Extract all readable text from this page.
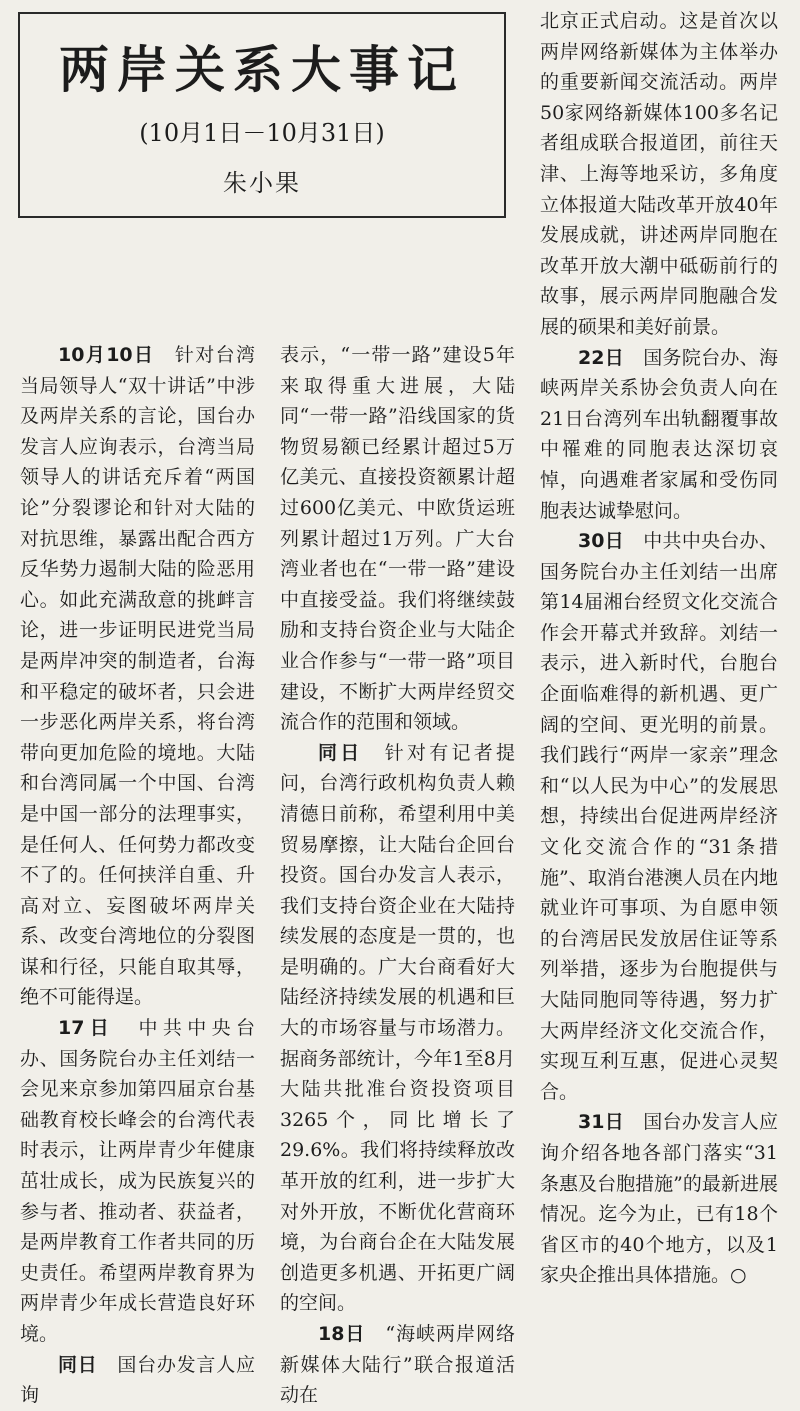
两岸关系大事记
(10月1日－10月31日)
朱小果

10月10日　 针对台湾当局领导人“双十讲话”中涉及两岸关系的言论，国台办发言人应询表示，台湾当局领导人的讲话充斥着“两国论”分裂谬论和针对大陆的对抗思维，暴露出配合西方反华势力遏制大陆的险恶用心。如此充满敌意的挑衅言论，进一步证明民进党当局是两岸冲突的制造者，台海和平稳定的破坏者，只会进一步恶化两岸关系，将台湾带向更加危险的境地。大陆和台湾同属一个中国、台湾是中国一部分的法理事实，是任何人、任何势力都改变不了的。任何挟洋自重、升高对立、妄图破坏两岸关系、改变台湾地位的分裂图谋和行径，只能自取其辱，绝不可能得逞。

17日　 中共中央台办、国务院台办主任刘结一会见来京参加第四届京台基础教育校长峰会的台湾代表时表示，让两岸青少年健康茁壮成长，成为民族复兴的参与者、推动者、获益者，是两岸教育工作者共同的历史责任。希望两岸教育界为两岸青少年成长营造良好环境。

同日　 国台办发言人应询

表示，“一带一路”建设5年来取得重大进展，大陆同“一带一路”沿线国家的货物贸易额已经累计超过5万亿美元、直接投资额累计超过600亿美元、中欧货运班列累计超过1万列。广大台湾业者也在“一带一路”建设中直接受益。我们将继续鼓励和支持台资企业与大陆企业合作参与“一带一路”项目建设，不断扩大两岸经贸交流合作的范围和领域。

同日　 针对有记者提问，台湾行政机构负责人赖清德日前称，希望利用中美贸易摩擦，让大陆台企回台投资。国台办发言人表示，我们支持台资企业在大陆持续发展的态度是一贯的，也是明确的。广大台商看好大陆经济持续发展的机遇和巨大的市场容量与市场潜力。据商务部统计，今年1至8月大陆共批准台资投资项目3265个，同比增长了29.6%。我们将持续释放改革开放的红利，进一步扩大对外开放，不断优化营商环境，为台商台企在大陆发展创造更多机遇、开拓更广阔的空间。

18日　 “海峡两岸网络新媒体大陆行”联合报道活动在

北京正式启动。这是首次以两岸网络新媒体为主体举办的重要新闻交流活动。两岸50家网络新媒体100多名记者组成联合报道团，前往天津、上海等地采访，多角度立体报道大陆改革开放40年发展成就，讲述两岸同胞在改革开放大潮中砥砺前行的故事，展示两岸同胞融合发展的硕果和美好前景。

22日　 国务院台办、海峡两岸关系协会负责人向在21日台湾列车出轨翻覆事故中罹难的同胞表达深切哀悼，向遇难者家属和受伤同胞表达诚挚慰问。

30日　 中共中央台办、国务院台办主任刘结一出席第14届湘台经贸文化交流合作会开幕式并致辞。刘结一表示，进入新时代，台胞台企面临难得的新机遇、更广阔的空间、更光明的前景。我们践行“两岸一家亲”理念和“以人民为中心”的发展思想，持续出台促进两岸经济文化交流合作的“31条措施”、取消台港澳人员在内地就业许可事项、为自愿申领的台湾居民发放居住证等系列举措，逐步为台胞提供与大陆同胞同等待遇，努力扩大两岸经济文化交流合作，实现互利互惠，促进心灵契合。

31日　 国台办发言人应询介绍各地各部门落实“31条惠及台胞措施”的最新进展情况。迄今为止，已有18个省区市的40个地方，以及1家央企推出具体措施。○
